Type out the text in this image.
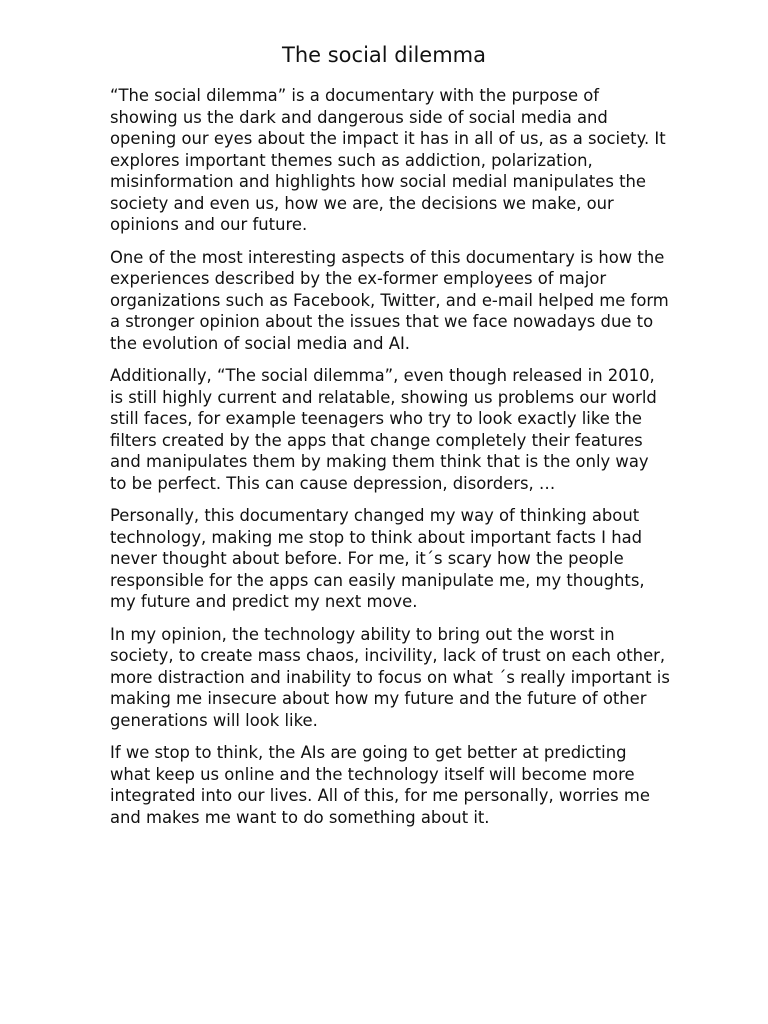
The social dilemma

“The social dilemma” is a documentary with the purpose of showing us the dark and dangerous side of social media and opening our eyes about the impact it has in all of us, as a society. It explores important themes such as addiction, polarization, misinformation and highlights how social medial manipulates the society and even us, how we are, the decisions we make, our opinions and our future.

One of the most interesting aspects of this documentary is how the experiences described by the ex-former employees of major organizations such as Facebook, Twitter, and e-mail helped me form a stronger opinion about the issues that we face nowadays due to the evolution of social media and AI.

Additionally, “The social dilemma”, even though released in 2010, is still highly current and relatable, showing us problems our world still faces, for example teenagers who try to look exactly like the filters created by the apps that change completely their features and manipulates them by making them think that is the only way to be perfect. This can cause depression, disorders, …

Personally, this documentary changed my way of thinking about technology, making me stop to think about important facts I had never thought about before. For me, it´s scary how the people responsible for the apps can easily manipulate me, my thoughts, my future and predict my next move.

In my opinion, the technology ability to bring out the worst in society, to create mass chaos, incivility, lack of trust on each other, more distraction and inability to focus on what ´s really important is making me insecure about how my future and the future of other generations will look like.

If we stop to think, the AIs are going to get better at predicting what keep us online and the technology itself will become more integrated into our lives. All of this, for me personally, worries me and makes me want to do something about it.
